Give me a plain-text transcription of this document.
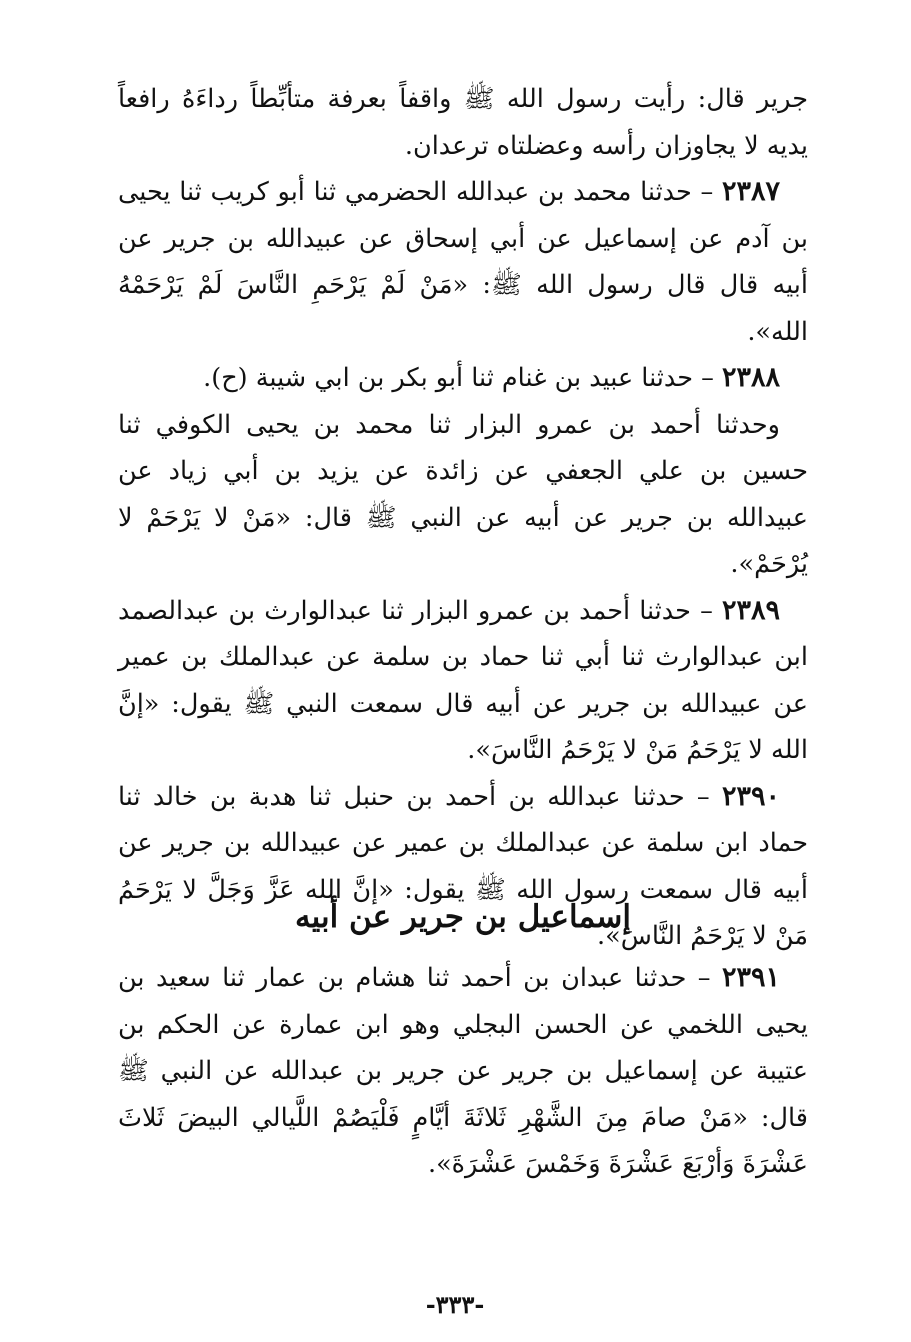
جرير قال: رأيت رسول الله ﷺ واقفاً بعرفة متأبِّطاً رداءَهُ رافعاً يديه لا يجاوزان رأسه وعضلتاه ترعدان.

٢٣٨٧ – حدثنا محمد بن عبدالله الحضرمي ثنا أبو كريب ثنا يحيى بن آدم عن إسماعيل عن أبي إسحاق عن عبيدالله بن جرير عن أبيه قال قال رسول الله ﷺ: «مَنْ لَمْ يَرْحَمِ النَّاسَ لَمْ يَرْحَمْهُ الله».

٢٣٨٨ – حدثنا عبيد بن غنام ثنا أبو بكر بن ابي شيبة (ح).

وحدثنا أحمد بن عمرو البزار ثنا محمد بن يحيى الكوفي ثنا حسين بن علي الجعفي عن زائدة عن يزيد بن أبي زياد عن عبيدالله بن جرير عن أبيه عن النبي ﷺ قال: «مَنْ لا يَرْحَمْ لا يُرْحَمْ».

٢٣٨٩ – حدثنا أحمد بن عمرو البزار ثنا عبدالوارث بن عبدالصمد ابن عبدالوارث ثنا أبي ثنا حماد بن سلمة عن عبدالملك بن عمير عن عبيدالله بن جرير عن أبيه قال سمعت النبي ﷺ يقول: «إنَّ الله لا يَرْحَمُ مَنْ لا يَرْحَمُ النَّاسَ».

٢٣٩٠ – حدثنا عبدالله بن أحمد بن حنبل ثنا هدبة بن خالد ثنا حماد ابن سلمة عن عبدالملك بن عمير عن عبيدالله بن جرير عن أبيه قال سمعت رسول الله ﷺ يقول: «إنَّ الله عَزَّ وَجَلَّ لا يَرْحَمُ مَنْ لا يَرْحَمُ النَّاسَ».

إسماعيل بن جرير عن أبيه

٢٣٩١ – حدثنا عبدان بن أحمد ثنا هشام بن عمار ثنا سعيد بن يحيى اللخمي عن الحسن البجلي وهو ابن عمارة عن الحكم بن عتيبة عن إسماعيل بن جرير عن جرير بن عبدالله عن النبي ﷺ قال: «مَنْ صامَ مِنَ الشَّهْرِ ثَلاثَةَ أيَّامٍ فَلْيَصُمْ اللَّيالي البيضَ ثَلاثَ عَشْرَةَ وَأرْبَعَ عَشْرَةَ وَخَمْسَ عَشْرَةَ».

-٣٣٣-
